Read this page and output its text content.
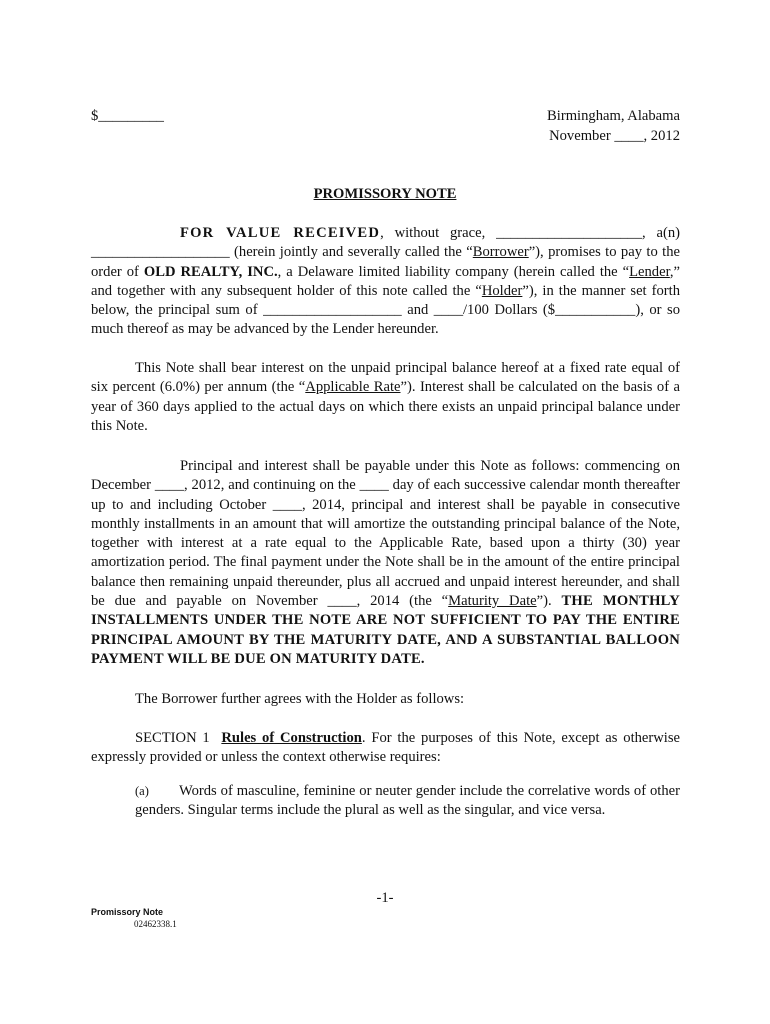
$_________	Birmingham, Alabama
November ____, 2012
PROMISSORY NOTE
FOR VALUE RECEIVED, without grace, ____________________, a(n) ___________________ (herein jointly and severally called the “Borrower”), promises to pay to the order of OLD REALTY, INC., a Delaware limited liability company (herein called the “Lender,” and together with any subsequent holder of this note called the “Holder”), in the manner set forth below, the principal sum of ___________________ and ____/100 Dollars ($___________), or so much thereof as may be advanced by the Lender hereunder.
This Note shall bear interest on the unpaid principal balance hereof at a fixed rate equal of six percent (6.0%) per annum (the “Applicable Rate”). Interest shall be calculated on the basis of a year of 360 days applied to the actual days on which there exists an unpaid principal balance under this Note.
Principal and interest shall be payable under this Note as follows: commencing on December ____, 2012, and continuing on the ____ day of each successive calendar month thereafter up to and including October ____, 2014, principal and interest shall be payable in consecutive monthly installments in an amount that will amortize the outstanding principal balance of the Note, together with interest at a rate equal to the Applicable Rate, based upon a thirty (30) year amortization period. The final payment under the Note shall be in the amount of the entire principal balance then remaining unpaid thereunder, plus all accrued and unpaid interest hereunder, and shall be due and payable on November ____, 2014 (the “Maturity Date”). THE MONTHLY INSTALLMENTS UNDER THE NOTE ARE NOT SUFFICIENT TO PAY THE ENTIRE PRINCIPAL AMOUNT BY THE MATURITY DATE, AND A SUBSTANTIAL BALLOON PAYMENT WILL BE DUE ON MATURITY DATE.
The Borrower further agrees with the Holder as follows:
SECTION 1 Rules of Construction. For the purposes of this Note, except as otherwise expressly provided or unless the context otherwise requires:
(a) Words of masculine, feminine or neuter gender include the correlative words of other genders. Singular terms include the plural as well as the singular, and vice versa.
-1-
Promissory Note
02462338.1
